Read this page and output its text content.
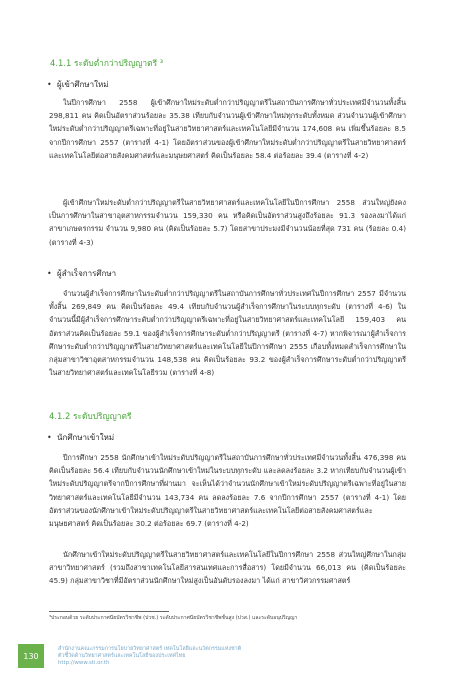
4.1.1 ระดับต่ำกว่าปริญญาตรี ³
• ผู้เข้าศึกษาใหม่

ในปีการศึกษา 2558 ผู้เข้าศึกษาใหม่ระดับต่ำกว่าปริญญาตรีในสถาบันการศึกษาทั่วประเทศมีจำนวนทั้งสิ้น 298,811 คน คิดเป็นอัตราส่วนร้อยละ 35.38 เทียบกับจำนวนผู้เข้าศึกษาใหม่ทุกระดับทั้งหมด ส่วนจำนวนผู้เข้าศึกษาใหม่ระดับต่ำกว่าปริญญาตรีเฉพาะที่อยู่ในสายวิทยาศาสตร์และเทคโนโลยีมีจำนวน 174,608 คน เพิ่มขึ้นร้อยละ 8.5 จากปีการศึกษา 2557 (ตารางที่ 4-1) โดยอัตราส่วนของผู้เข้าศึกษาใหม่ระดับต่ำกว่าปริญญาตรีในสายวิทยาศาสตร์และเทคโนโลยีต่อสายสังคมศาสตร์และมนุษยศาสตร์ คิดเป็นร้อยละ 58.4 ต่อร้อยละ 39.4 (ตารางที่ 4-2)

ผู้เข้าศึกษาใหม่ระดับต่ำกว่าปริญญาตรีในสายวิทยาศาสตร์และเทคโนโลยีในปีการศึกษา 2558 ส่วนใหญ่ยังคงเป็นการศึกษาในสาขาอุตสาหกรรมจำนวน 159,330 คน หรือคิดเป็นอัตราส่วนสูงถึงร้อยละ 91.3 รองลงมาได้แก่ สาขาเกษตรกรรม จำนวน 9,980 คน (คิดเป็นร้อยละ 5.7) โดยสาขาประมงมีจำนวนน้อยที่สุด 731 คน (ร้อยละ 0.4) (ตารางที่ 4-3)

• ผู้สำเร็จการศึกษา

จำนวนผู้สำเร็จการศึกษาในระดับต่ำกว่าปริญญาตรีในสถาบันการศึกษาทั่วประเทศในปีการศึกษา 2557 มีจำนวนทั้งสิ้น 269,849 คน คิดเป็นร้อยละ 49.4 เทียบกับจำนวนผู้สำเร็จการศึกษาในระบบทุกระดับ (ตารางที่ 4-6) ในจำนวนนี้มีผู้สำเร็จการศึกษาระดับต่ำกว่าปริญญาตรีเฉพาะที่อยู่ในสายวิทยาศาสตร์และเทคโนโลยี 159,403 คน อัตราส่วนคิดเป็นร้อยละ 59.1 ของผู้สำเร็จการศึกษาระดับต่ำกว่าปริญญาตรี (ตารางที่ 4-7) หากพิจารณาผู้สำเร็จการศึกษาระดับต่ำกว่าปริญญาตรีในสายวิทยาศาสตร์และเทคโนโลยีในปีการศึกษา 2555 เกือบทั้งหมดสำเร็จการศึกษาในกลุ่มสาขาวิชาอุตสาหกรรมจำนวน 148,538 คน คิดเป็นร้อยละ 93.2 ของผู้สำเร็จการศึกษาระดับต่ำกว่าปริญญาตรีในสายวิทยาศาสตร์และเทคโนโลยีรวม (ตารางที่ 4-8)

4.1.2 ระดับปริญญาตรี
• นักศึกษาเข้าใหม่

ปีการศึกษา 2558 นักศึกษาเข้าใหม่ระดับปริญญาตรีในสถาบันการศึกษาทั่วประเทศมีจำนวนทั้งสิ้น 476,398 คน คิดเป็นร้อยละ 56.4 เทียบกับจำนวนนักศึกษาเข้าใหม่ในระบบทุกระดับ และลดลงร้อยละ 3.2 หากเทียบกับจำนวนผู้เข้าใหม่ระดับปริญญาตรีจากปีการศึกษาที่ผ่านมา จะเห็นได้ว่าจำนวนนักศึกษาเข้าใหม่ระดับปริญญาตรีเฉพาะที่อยู่ในสายวิทยาศาสตร์และเทคโนโลยีมีจำนวน 143,734 คน ลดลงร้อยละ 7.6 จากปีการศึกษา 2557 (ตารางที่ 4-1) โดยอัตราส่วนของนักศึกษาเข้าใหม่ระดับปริญญาตรีในสายวิทยาศาสตร์และเทคโนโลยีต่อสายสังคมศาสตร์และมนุษยศาสตร์ คิดเป็นร้อยละ 30.2 ต่อร้อยละ 69.7 (ตารางที่ 4-2)

นักศึกษาเข้าใหม่ระดับปริญญาตรีในสายวิทยาศาสตร์และเทคโนโลยีในปีการศึกษา 2558 ส่วนใหญ่ศึกษาในกลุ่มสาขาวิทยาศาสตร์ (รวมถึงสาขาเทคโนโลยีสารสนเทศและการสื่อสาร) โดยมีจำนวน 66,013 คน (คิดเป็นร้อยละ 45.9) กลุ่มสาขาวิชาที่มีอัตราส่วนนักศึกษาใหม่สูงเป็นอันดับรองลงมา ได้แก่ สาขาวิศวกรรมศาสตร์

³ประกอบด้วย ระดับประกาศนียบัตรวิชาชีพ (ปวช.) ระดับประกาศนียบัตรวิชาชีพชั้นสูง (ปวส.) และระดับอนุปริญญา
130
สำนักงานคณะกรรมการนโยบายวิทยาศาสตร์ เทคโนโลยีและนวัตกรรมแห่งชาติ
ตัวชี้วัดด้านวิทยาศาสตร์และเทคโนโลยีของประเทศไทย
http://www.sti.or.th
